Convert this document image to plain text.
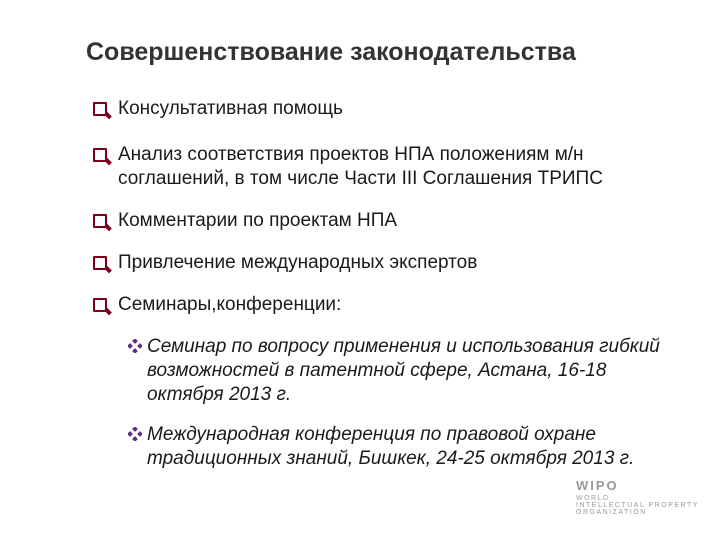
Совершенствование законодательства
Консультативная помощь
Анализ соответствия проектов НПА положениям м/н соглашений, в том числе Части III Соглашения ТРИПС
Комментарии по проектам НПА
Привлечение международных экспертов
Семинары,конференции:
Семинар по вопросу применения и использования гибкий возможностей в патентной сфере, Астана, 16-18 октября 2013 г.
Международная конференция по правовой охране традиционных знаний, Бишкек, 24-25 октября 2013 г.
WIPO
WORLD
INTELLECTUAL PROPERTY
ORGANIZATION
